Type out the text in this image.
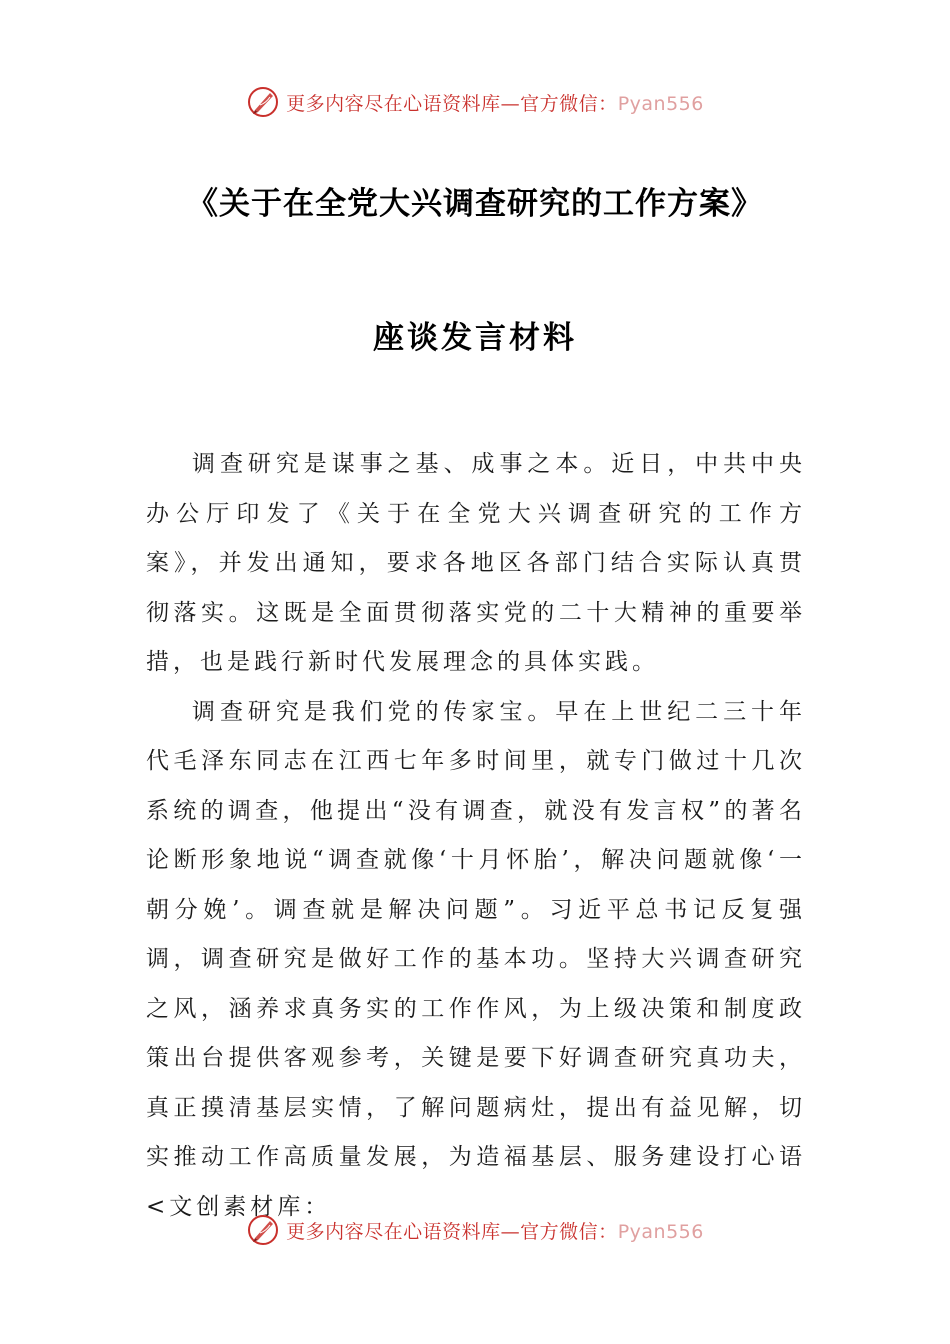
更多内容尽在心语资料库—官方微信：Pyan556
《关于在全党大兴调查研究的工作方案》
座谈发言材料

调查研究是谋事之基、成事之本。近日，中共中央办公厅印发了《关于在全党大兴调查研究的工作方案》，并发出通知，要求各地区各部门结合实际认真贯彻落实。这既是全面贯彻落实党的二十大精神的重要举措，也是践行新时代发展理念的具体实践。

调查研究是我们党的传家宝。早在上世纪二三十年代毛泽东同志在江西七年多时间里，就专门做过十几次系统的调查，他提出“没有调查，就没有发言权”的著名论断形象地说“调查就像‘十月怀胎’，解决问题就像‘一朝分娩’。调查就是解决问题”。习近平总书记反复强调，调查研究是做好工作的基本功。坚持大兴调查研究之风，涵养求真务实的工作作风，为上级决策和制度政策出台提供客观参考，关键是要下好调查研究真功夫，真正摸清基层实情，了解问题病灶，提出有益见解，切实推动工作高质量发展，为造福基层、服务建设打心语<文创素材库：

更多内容尽在心语资料库—官方微信：Pyan556
